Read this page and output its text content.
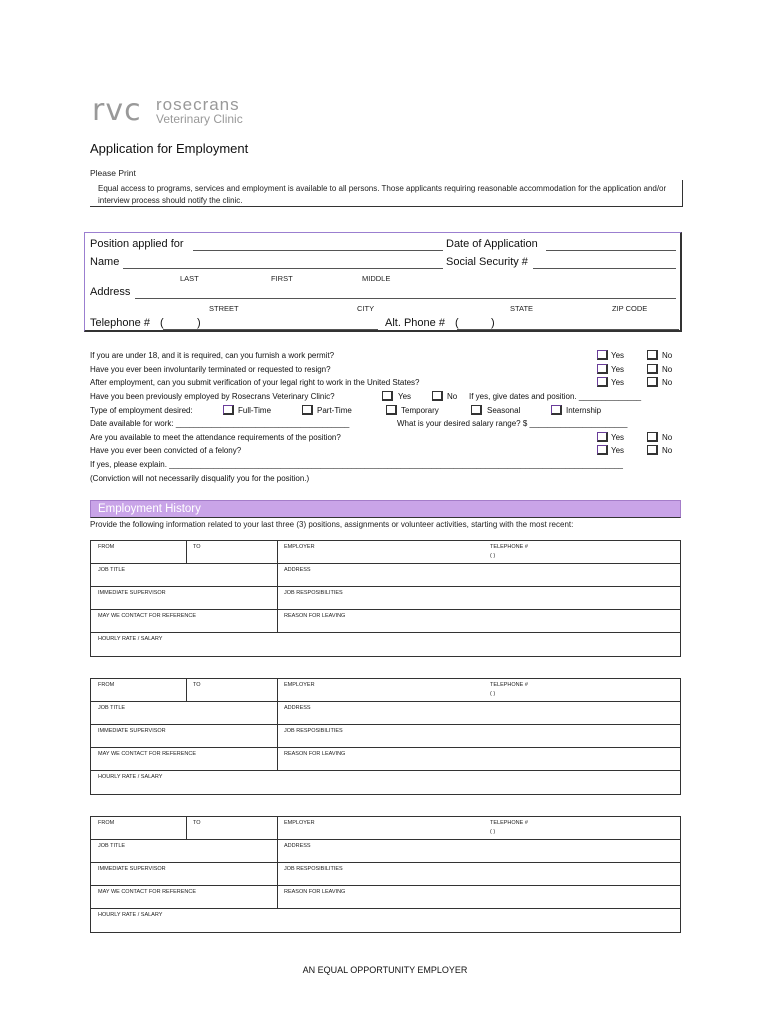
rvc rosecrans
Veterinary Clinic
Application for Employment
Please Print
Equal access to programs, services and employment is available to all persons. Those applicants requiring reasonable accommodation for the application and/or interview process should notify the clinic.
Position applied for	Date of Application
Name	Social Security #
LAST	FIRST	MIDDLE
Address
STREET	CITY	STATE	ZIP CODE
Telephone # (	)	Alt. Phone # (	)
If you are under 18, and it is required, can you furnish a work permit?	Yes	No
Have you ever been involuntarily terminated or requested to resign?	Yes	No
After employment, can you submit verification of your legal right to work in the United States?	Yes	No
Have you been previously employed by Rosecrans Veterinary Clinic?	Yes	No If yes, give dates and position. ______________
Type of employment desired:	Full-Time	Part-Time	Temporary	Seasonal	Internship
Date available for work: _______________________________________	What is your desired salary range? $ ______________________
Are you available to meet the attendance requirements of the position?	Yes	No
Have you ever been convicted of a felony?	Yes	No
If yes, please explain. ______________________________________________________________________________________________________
(Conviction will not necessarily disqualify you for the position.)
Employment History
Provide the following information related to your last three (3) positions, assignments or volunteer activities, starting with the most recent:
FROM	TO	EMPLOYER	TELEPHONE #
( )
JOB TITLE	ADDRESS
IMMEDIATE SUPERVISOR	JOB RESPOSIBILITIES
MAY WE CONTACT FOR REFERENCE	REASON FOR LEAVING
HOURLY RATE / SALARY
FROM	TO	EMPLOYER	TELEPHONE #
( )
JOB TITLE	ADDRESS
IMMEDIATE SUPERVISOR	JOB RESPOSIBILITIES
MAY WE CONTACT FOR REFERENCE	REASON FOR LEAVING
HOURLY RATE / SALARY
FROM	TO	EMPLOYER	TELEPHONE #
( )
JOB TITLE	ADDRESS
IMMEDIATE SUPERVISOR	JOB RESPOSIBILITIES
MAY WE CONTACT FOR REFERENCE	REASON FOR LEAVING
HOURLY RATE / SALARY
AN EQUAL OPPORTUNITY EMPLOYER
